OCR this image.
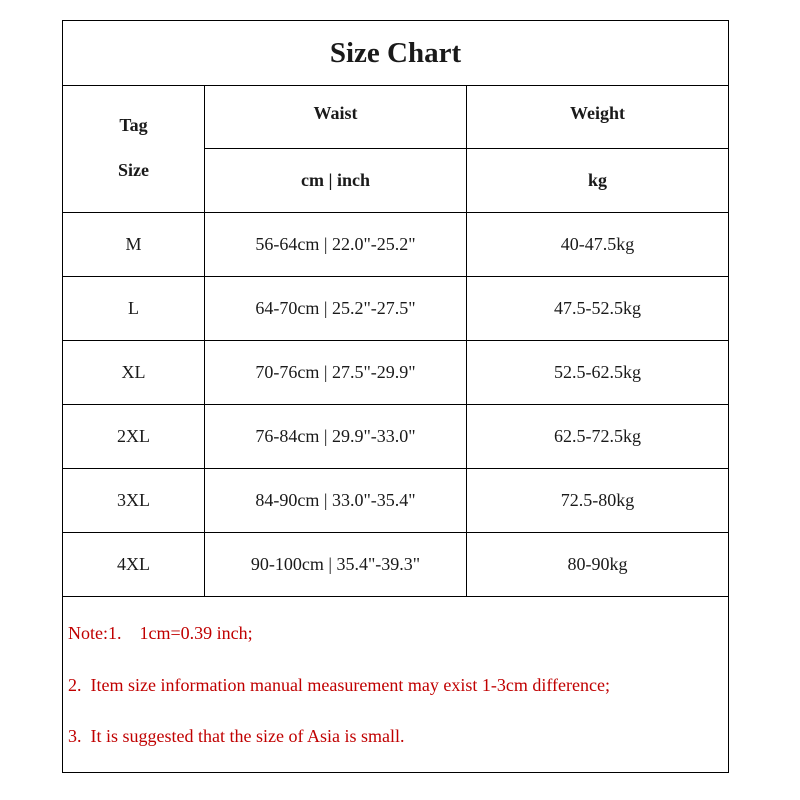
Size Chart
Tag
Size
Waist
cm | inch
Weight
kg
M	56-64cm | 22.0"-25.2"	40-47.5kg
L	64-70cm | 25.2"-27.5"	47.5-52.5kg
XL	70-76cm | 27.5"-29.9"	52.5-62.5kg
2XL	76-84cm | 29.9"-33.0"	62.5-72.5kg
3XL	84-90cm | 33.0"-35.4"	72.5-80kg
4XL	90-100cm | 35.4"-39.3"	80-90kg
Note:1.    1cm=0.39 inch;
2.  Item size information manual measurement may exist 1-3cm difference;
3.  It is suggested that the size of Asia is small.
